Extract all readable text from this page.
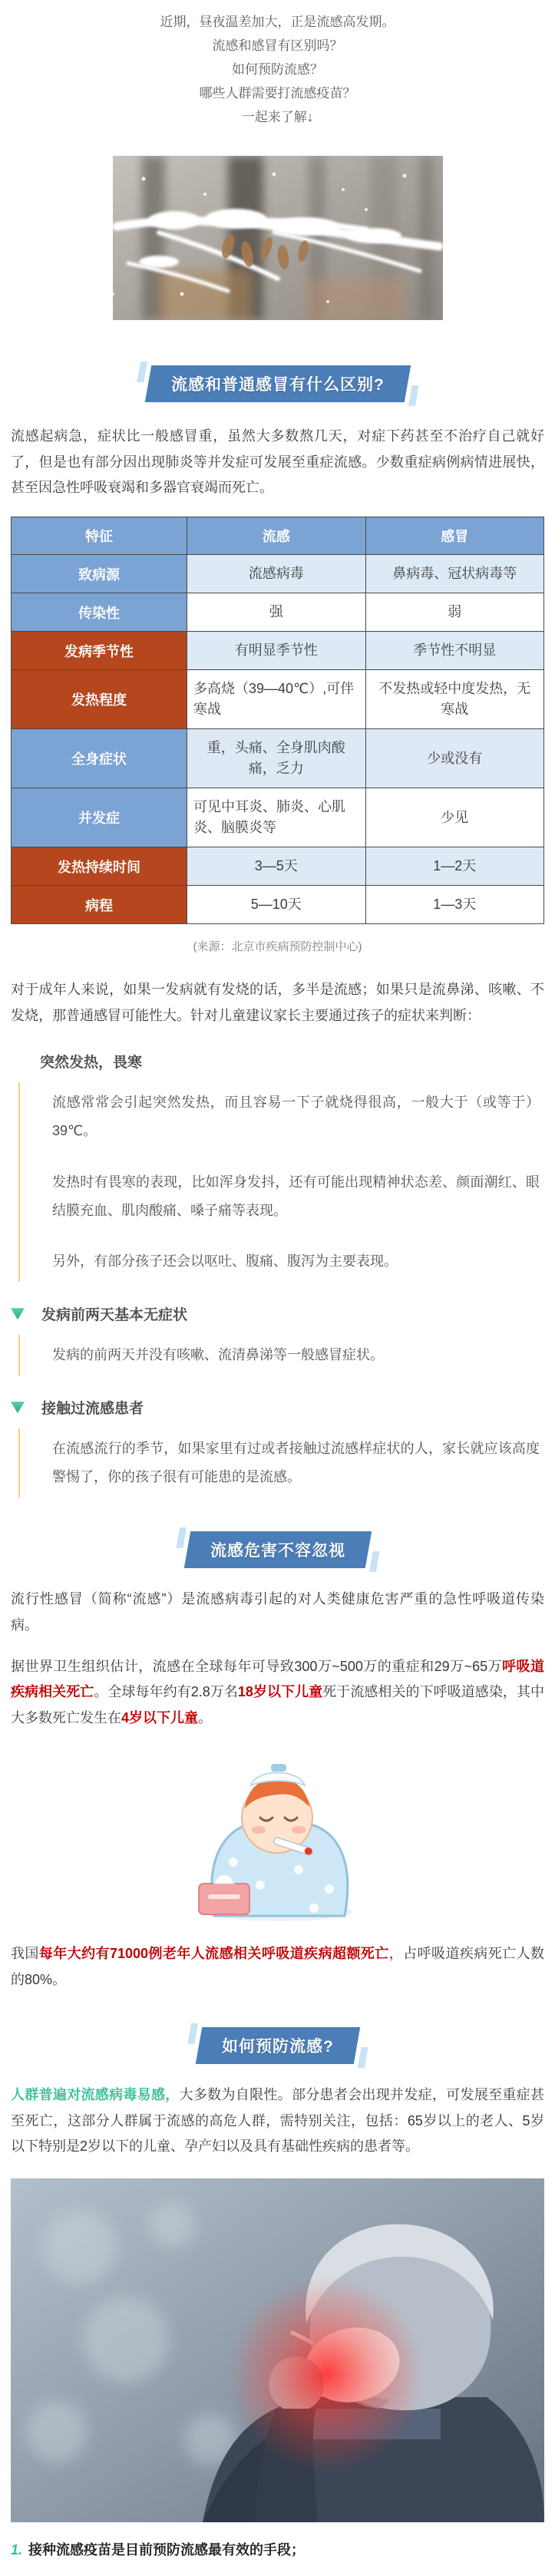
近期，昼夜温差加大，正是流感高发期。

流感和感冒有区别吗？

如何预防流感？

哪些人群需要打流感疫苗？

一起来了解↓

流感和普通感冒有什么区别?

流感起病急，症状比一般感冒重，虽然大多数熬几天，对症下药甚至不治疗自己就好了，但是也有部分因出现肺炎等并发症可发展至重症流感。少数重症病例病情进展快，甚至因急性呼吸衰竭和多器官衰竭而死亡。

特征	流感	感冒
致病源	流感病毒	鼻病毒、冠状病毒等
传染性	强	弱
发病季节性	有明显季节性	季节性不明显
发热程度	多高烧（39—40℃）,可伴寒战	不发热或轻中度发热，无寒战
全身症状	重，头痛、全身肌肉酸痛，乏力	少或没有
并发症	可见中耳炎、肺炎、心肌炎、脑膜炎等	少见
发热持续时间	3—5天	1—2天
病程	5—10天	1—3天

(来源：北京市疾病预防控制中心)

对于成年人来说，如果一发病就有发烧的话，多半是流感；如果只是流鼻涕、咳嗽、不发烧，那普通感冒可能性大。针对儿童建议家长主要通过孩子的症状来判断：

突然发热，畏寒

流感常常会引起突然发热，而且容易一下子就烧得很高，一般大于（或等于）39℃。

发热时有畏寒的表现，比如浑身发抖，还有可能出现精神状态差、颜面潮红、眼结膜充血、肌肉酸痛、嗓子痛等表现。

另外，有部分孩子还会以呕吐、腹痛、腹泻为主要表现。

发病前两天基本无症状

发病的前两天并没有咳嗽、流清鼻涕等一般感冒症状。

接触过流感患者

在流感流行的季节，如果家里有过或者接触过流感样症状的人，家长就应该高度警惕了，你的孩子很有可能患的是流感。

流感危害不容忽视

流行性感冒（简称“流感”）是流感病毒引起的对人类健康危害严重的急性呼吸道传染病。

据世界卫生组织估计，流感在全球每年可导致300万~500万的重症和29万~65万呼吸道疾病相关死亡。全球每年约有2.8万名18岁以下儿童死于流感相关的下呼吸道感染，其中大多数死亡发生在4岁以下儿童。

我国每年大约有71000例老年人流感相关呼吸道疾病超额死亡，占呼吸道疾病死亡人数的80%。

如何预防流感?

人群普遍对流感病毒易感，大多数为自限性。部分患者会出现并发症，可发展至重症甚至死亡，这部分人群属于流感的高危人群，需特别关注，包括：65岁以上的老人、5岁以下特别是2岁以下的儿童、孕产妇以及具有基础性疾病的患者等。

1. 接种流感疫苗是目前预防流感最有效的手段；
